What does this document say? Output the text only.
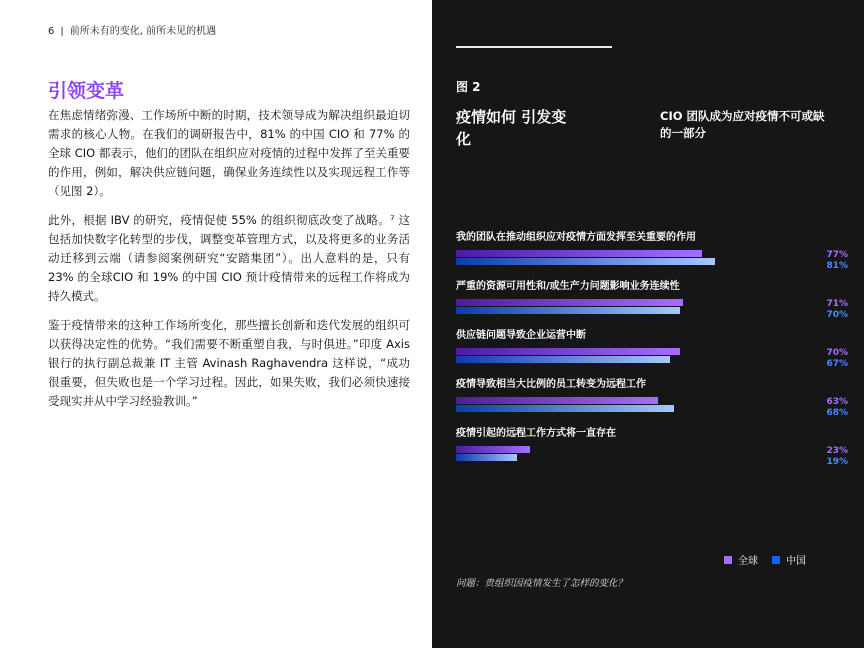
6 | 前所未有的变化, 前所未见的机遇
引领变革
在焦虑情绪弥漫、工作场所中断的时期，技术领导成为解决组织最迫切需求的核心人物。在我们的调研报告中，81% 的中国 CIO 和 77% 的全球 CIO 都表示，他们的团队在组织应对疫情的过程中发挥了至关重要的作用，例如，解决供应链问题，确保业务连续性以及实现远程工作等（见图 2）。
此外，根据 IBV 的研究，疫情促使 55% 的组织彻底改变了战略。⁷ 这包括加快数字化转型的步伐，调整变革管理方式，以及将更多的业务活动迁移到云端（请参阅案例研究“安踏集团”）。出人意料的是，只有 23% 的全球CIO 和 19% 的中国 CIO 预计疫情带来的远程工作将成为持久模式。
鉴于疫情带来的这种工作场所变化，那些擅长创新和迭代发展的组织可以获得决定性的优势。“我们需要不断重塑自我，与时俱进。”印度 Axis 银行的执行副总裁兼 IT 主管 Avinash Raghavendra 这样说，“成功很重要，但失败也是一个学习过程。因此，如果失败，我们必须快速接受现实并从中学习经验教训。”
图 2
疫情如何 引发变化
CIO 团队成为应对疫情不可或缺的一部分
我的团队在推动组织应对疫情方面发挥至关重要的作用
77%
81%
严重的资源可用性和/或生产力问题影响业务连续性
71%
70%
供应链问题导致企业运营中断
70%
67%
疫情导致相当大比例的员工转变为远程工作
63%
68%
疫情引起的远程工作方式将一直存在
23%
19%
全球	中国
问题：贵组织因疫情发生了怎样的变化？
